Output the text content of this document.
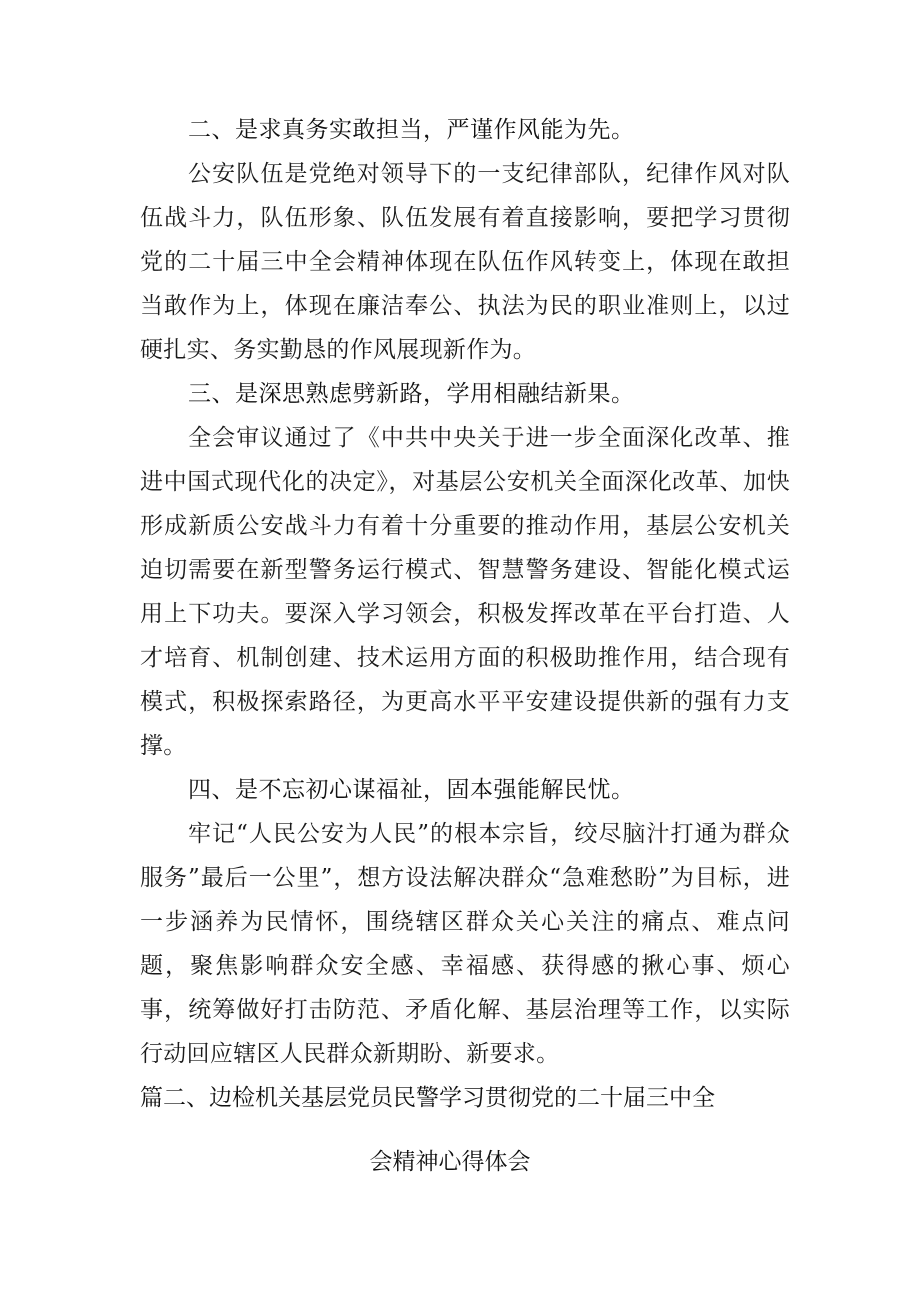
二、是求真务实敢担当，严谨作风能为先。

公安队伍是党绝对领导下的一支纪律部队，纪律作风对队伍战斗力，队伍形象、队伍发展有着直接影响，要把学习贯彻党的二十届三中全会精神体现在队伍作风转变上，体现在敢担当敢作为上，体现在廉洁奉公、执法为民的职业准则上，以过硬扎实、务实勤恳的作风展现新作为。

三、是深思熟虑劈新路，学用相融结新果。

全会审议通过了《中共中央关于进一步全面深化改革、推进中国式现代化的决定》，对基层公安机关全面深化改革、加快形成新质公安战斗力有着十分重要的推动作用，基层公安机关迫切需要在新型警务运行模式、智慧警务建设、智能化模式运用上下功夫。要深入学习领会，积极发挥改革在平台打造、人才培育、机制创建、技术运用方面的积极助推作用，结合现有模式，积极探索路径，为更高水平平安建设提供新的强有力支撑。

四、是不忘初心谋福祉，固本强能解民忧。

牢记“人民公安为人民”的根本宗旨，绞尽脑汁打通为群众服务”最后一公里”，想方设法解决群众“急难愁盼”为目标，进一步涵养为民情怀，围绕辖区群众关心关注的痛点、难点问题，聚焦影响群众安全感、幸福感、获得感的揪心事、烦心事，统筹做好打击防范、矛盾化解、基层治理等工作，以实际行动回应辖区人民群众新期盼、新要求。

篇二、边检机关基层党员民警学习贯彻党的二十届三中全

会精神心得体会
